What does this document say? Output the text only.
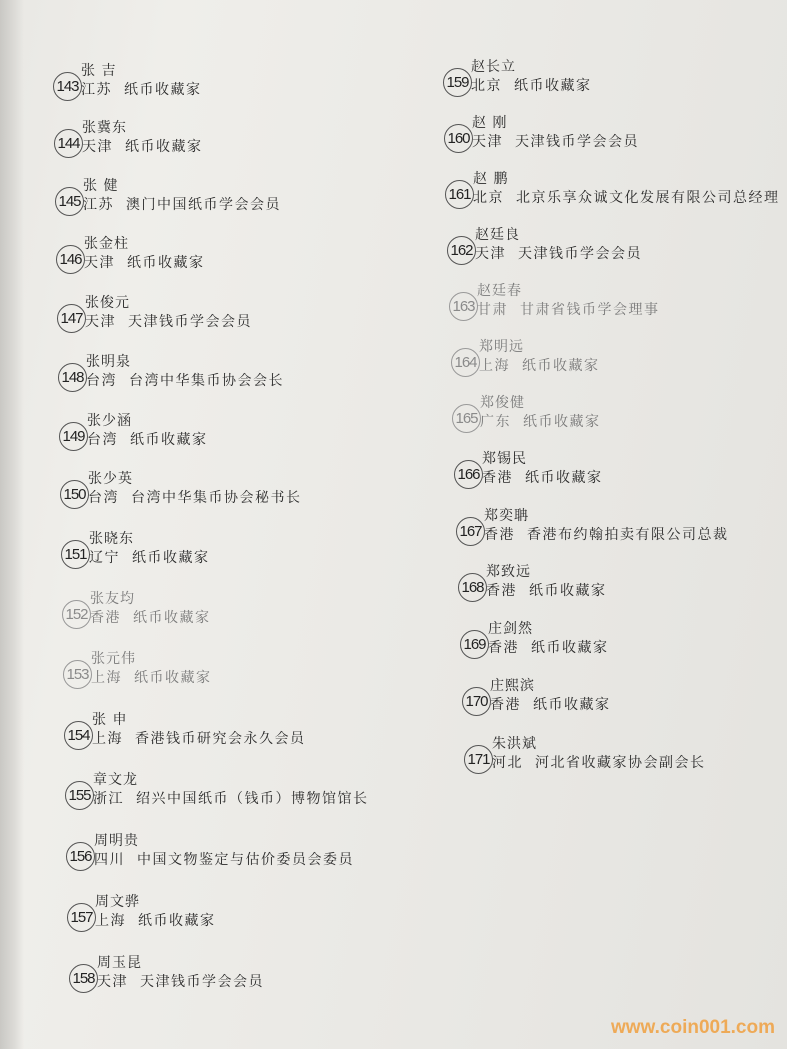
143
张 吉
江苏 纸币收藏家
144
张冀东
天津 纸币收藏家
145
张 健
江苏 澳门中国纸币学会会员
146
张金柱
天津 纸币收藏家
147
张俊元
天津 天津钱币学会会员
148
张明泉
台湾 台湾中华集币协会会长
149
张少涵
台湾 纸币收藏家
150
张少英
台湾 台湾中华集币协会秘书长
151
张晓东
辽宁 纸币收藏家
152
张友均
香港 纸币收藏家
153
张元伟
上海 纸币收藏家
154
张 申
上海 香港钱币研究会永久会员
155
章文龙
浙江 绍兴中国纸币（钱币）博物馆馆长
156
周明贵
四川 中国文物鉴定与估价委员会委员
157
周文骅
上海 纸币收藏家
158
周玉昆
天津 天津钱币学会会员
159
赵长立
北京 纸币收藏家
160
赵 刚
天津 天津钱币学会会员
161
赵 鹏
北京 北京乐享众诚文化发展有限公司总经理
162
赵廷良
天津 天津钱币学会会员
163
赵廷春
甘肃 甘肃省钱币学会理事
164
郑明远
上海 纸币收藏家
165
郑俊健
广东 纸币收藏家
166
郑锡民
香港 纸币收藏家
167
郑奕聃
香港 香港布约翰拍卖有限公司总裁
168
郑致远
香港 纸币收藏家
169
庄剑然
香港 纸币收藏家
170
庄熙滨
香港 纸币收藏家
171
朱洪斌
河北 河北省收藏家协会副会长
www.coin001.com
